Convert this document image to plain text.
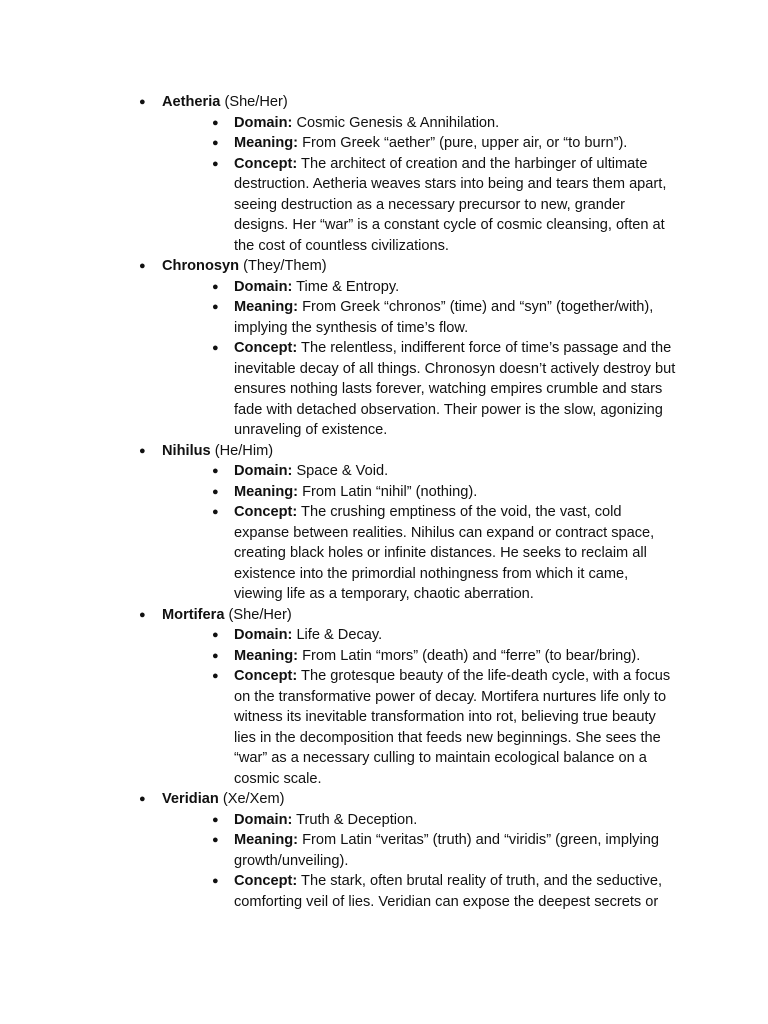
● Aetheria (She/Her)
● Domain: Cosmic Genesis & Annihilation.
● Meaning: From Greek “aether” (pure, upper air, or “to burn”).
● Concept: The architect of creation and the harbinger of ultimate destruction. Aetheria weaves stars into being and tears them apart, seeing destruction as a necessary precursor to new, grander designs. Her “war” is a constant cycle of cosmic cleansing, often at the cost of countless civilizations.
● Chronosyn (They/Them)
● Domain: Time & Entropy.
● Meaning: From Greek “chronos” (time) and “syn” (together/with), implying the synthesis of time’s flow.
● Concept: The relentless, indifferent force of time’s passage and the inevitable decay of all things. Chronosyn doesn’t actively destroy but ensures nothing lasts forever, watching empires crumble and stars fade with detached observation. Their power is the slow, agonizing unraveling of existence.
● Nihilus (He/Him)
● Domain: Space & Void.
● Meaning: From Latin “nihil” (nothing).
● Concept: The crushing emptiness of the void, the vast, cold expanse between realities. Nihilus can expand or contract space, creating black holes or infinite distances. He seeks to reclaim all existence into the primordial nothingness from which it came, viewing life as a temporary, chaotic aberration.
● Mortifera (She/Her)
● Domain: Life & Decay.
● Meaning: From Latin “mors” (death) and “ferre” (to bear/bring).
● Concept: The grotesque beauty of the life-death cycle, with a focus on the transformative power of decay. Mortifera nurtures life only to witness its inevitable transformation into rot, believing true beauty lies in the decomposition that feeds new beginnings. She sees the “war” as a necessary culling to maintain ecological balance on a cosmic scale.
● Veridian (Xe/Xem)
● Domain: Truth & Deception.
● Meaning: From Latin “veritas” (truth) and “viridis” (green, implying growth/unveiling).
● Concept: The stark, often brutal reality of truth, and the seductive, comforting veil of lies. Veridian can expose the deepest secrets or
